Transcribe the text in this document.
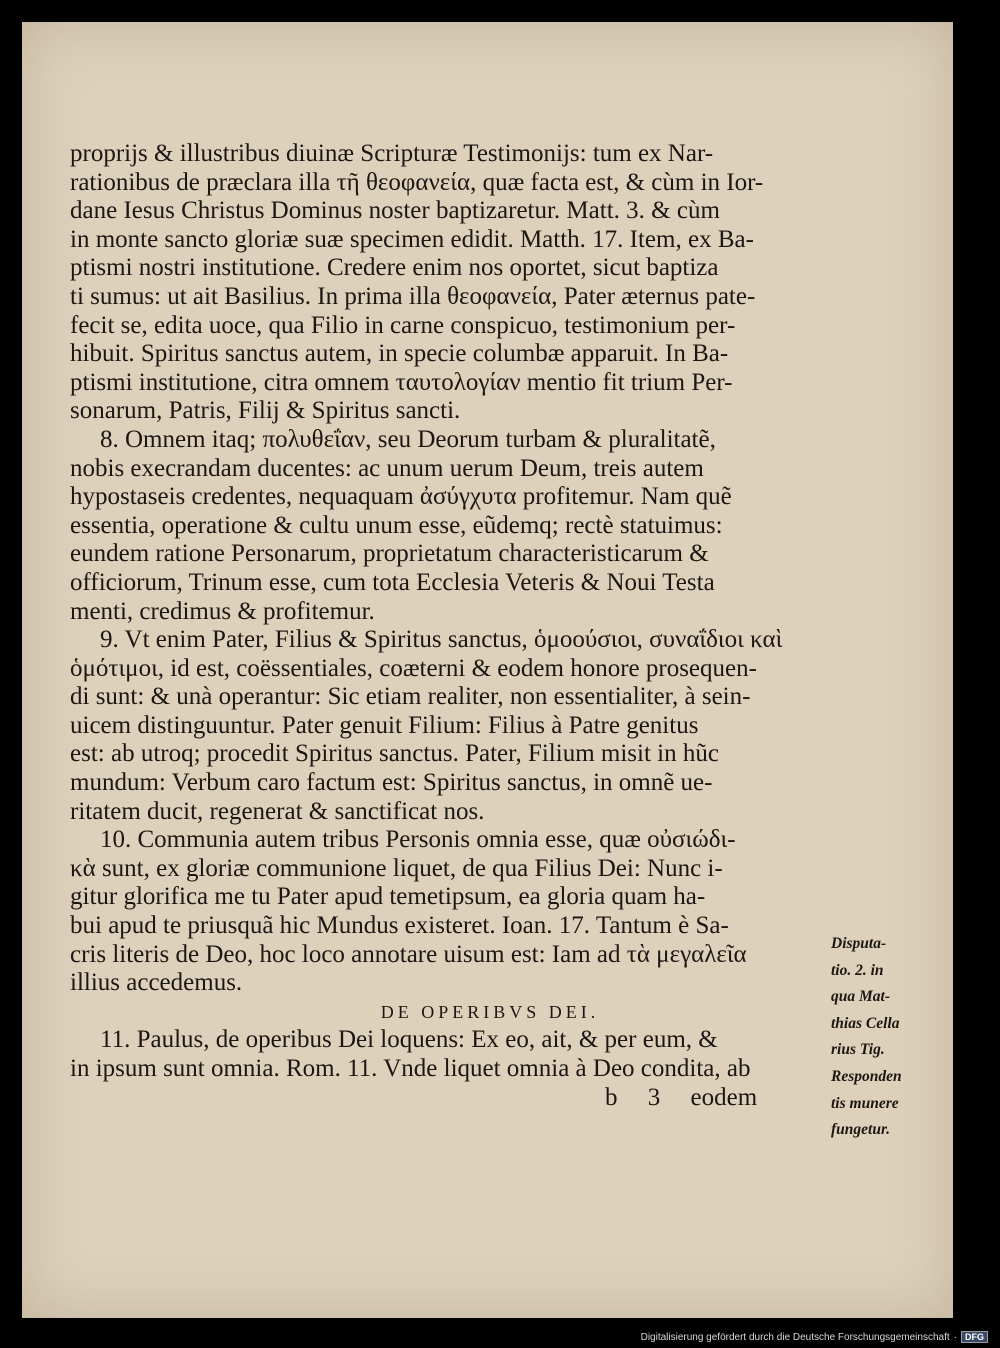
proprijs & illustribus diuinæ Scripturæ Testimonijs: tum ex Nar-
rationibus de præclara illa τῆ θεοφανεία, quæ facta est, & cùm in Ior-
dane Iesus Christus Dominus noster baptizaretur. Matt. 3. & cùm
in monte sancto gloriæ suæ specimen edidit. Matth. 17. Item, ex Ba-
ptismi nostri institutione. Credere enim nos oportet, sicut baptiza
ti sumus: ut ait Basilius. In prima illa θεοφανεία, Pater æternus pate-
fecit se, edita uoce, qua Filio in carne conspicuo, testimonium per-
hibuit. Spiritus sanctus autem, in specie columbæ apparuit. In Ba-
ptismi institutione, citra omnem ταυτολογίαν mentio fit trium Per-
sonarum, Patris, Filij & Spiritus sancti.
8. Omnem itaq; πολυθεΐαν, seu Deorum turbam & pluralitatẽ,
nobis execrandam ducentes: ac unum uerum Deum, treis autem
hypostaseis credentes, nequaquam ἀσύγχυτα profitemur. Nam quẽ
essentia, operatione & cultu unum esse, eũdemq; rectè statuimus:
eundem ratione Personarum, proprietatum characteristicarum &
officiorum, Trinum esse, cum tota Ecclesia Veteris & Noui Testa
menti, credimus & profitemur.
9. Vt enim Pater, Filius & Spiritus sanctus, ὁμοούσιοι, συναΐδιοι καὶ
ὁμότιμοι, id est, coëssentiales, coæterni & eodem honore prosequen-
di sunt: & unà operantur: Sic etiam realiter, non essentialiter, à sein-
uicem distinguuntur. Pater genuit Filium: Filius à Patre genitus
est: ab utroq; procedit Spiritus sanctus. Pater, Filium misit in hũc
mundum: Verbum caro factum est: Spiritus sanctus, in omnẽ ue-
ritatem ducit, regenerat & sanctificat nos.
10. Communia autem tribus Personis omnia esse, quæ οὐσιώδι-
κὰ sunt, ex gloriæ communione liquet, de qua Filius Dei: Nunc i-
gitur glorifica me tu Pater apud temetipsum, ea gloria quam ha-
bui apud te priusquã hic Mundus existeret. Ioan. 17. Tantum è Sa-
cris literis de Deo, hoc loco annotare uisum est: Iam ad τὰ μεγαλεῖα
illius accedemus.
DE OPERIBVS DEI.
11. Paulus, de operibus Dei loquens: Ex eo, ait, & per eum, &
in ipsum sunt omnia. Rom. 11. Vnde liquet omnia à Deo condita, ab
b 3 eodem
Disputa-
tio. 2. in
qua Mat-
thias Cella
rius Tig.
Responden
tis munere
fungetur.
Digitalisierung gefördert durch die Deutsche Forschungsgemeinschaft · DFG
